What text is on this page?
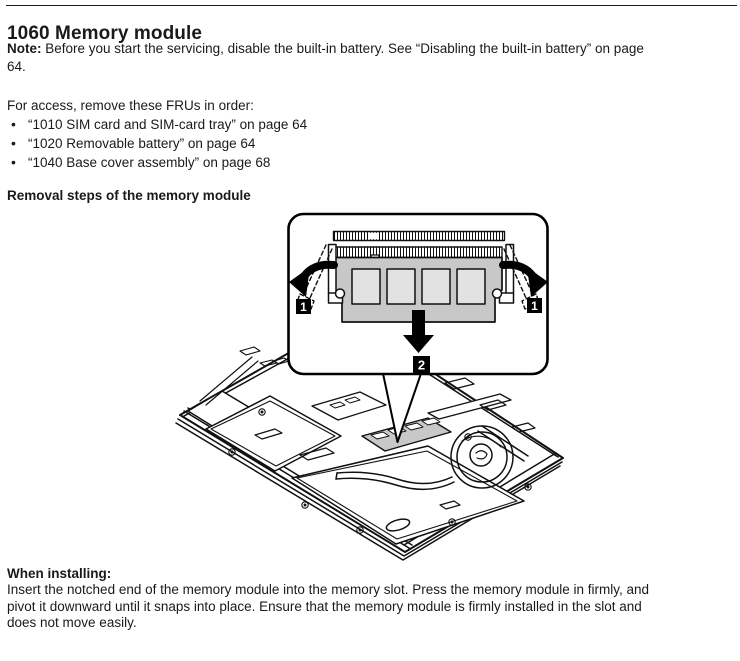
1060 Memory module
Note: Before you start the servicing, disable the built-in battery. See “Disabling the built-in battery” on page
64.
For access, remove these FRUs in order:
• “1010 SIM card and SIM-card tray” on page 64
• “1020 Removable battery” on page 64
• “1040 Base cover assembly” on page 68
Removal steps of the memory module
1	1
2
When installing:
Insert the notched end of the memory module into the memory slot. Press the memory module in firmly, and
pivot it downward until it snaps into place. Ensure that the memory module is firmly installed in the slot and
does not move easily.
